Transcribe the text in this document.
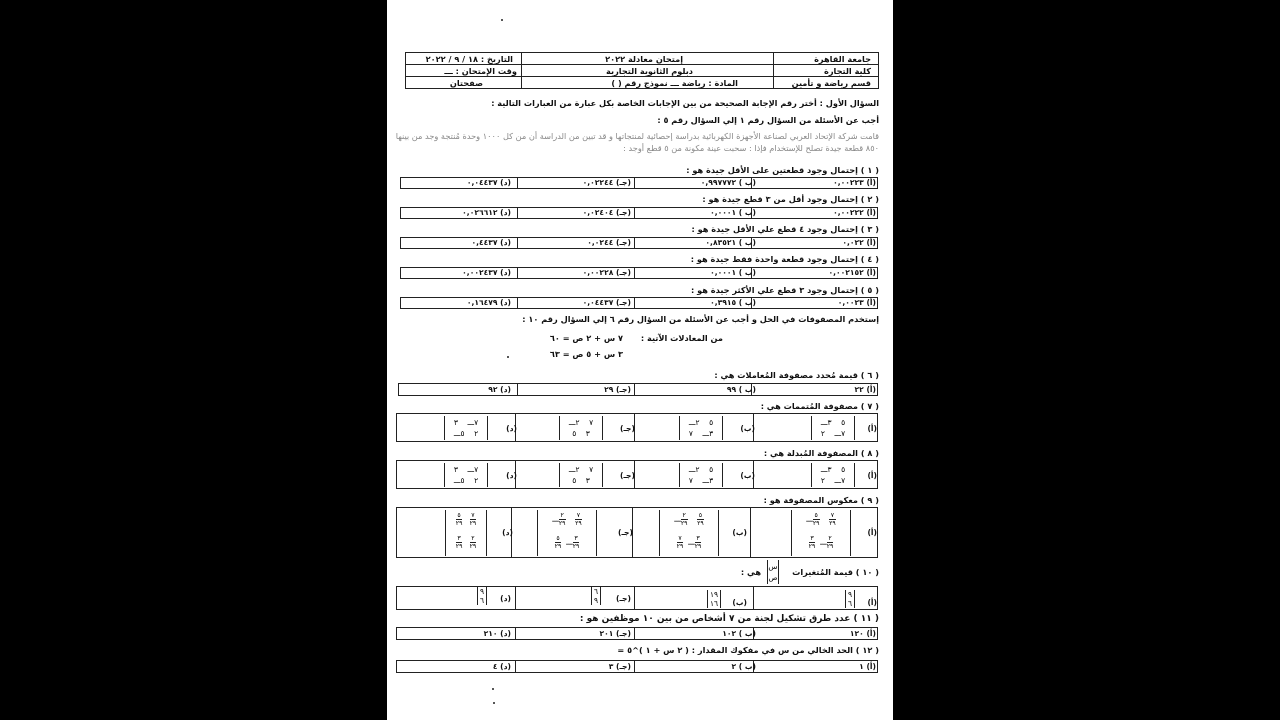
جامعة القاهرة
كلية التجارة
قسم رياضة و تأمين
إمتحان معادلة ٢٠٢٢
دبلوم الثانوية التجارية
المادة : رياضة ـــ نموذج رقم ( )
التاريخ : ١٨ / ٩ / ٢٠٢٢
وقت الإمتحان : ـــ
صفحتان
السؤال الأول : أختر رقم الإجابة الصحيحة من بين الإجابات الخاصة بكل عبارة من العبارات التالية :
أجب عن الأسئلة من السؤال رقم ١ إلي السؤال رقم ٥ :
قامت شركة الإتحاد العربي لصناعة الأجهزة الكهربائية بدراسة إحصائية لمنتجاتها و قد تبين من الدراسة أن من كل ١٠٠٠ وحدة مُنتجة وجد من بينها
٨٥٠ قطعة جيدة تصلح للإستخدام فإذا : سحبت عينة مكونة من ٥ قطع أوجد :
( ١ ) إحتمال وجود قطعتين على الأقل جيدة هو :
(أ) ٠,٠٠٢٢٣
(ب ) ٠,٩٩٧٧٧٢
(جـ) ٠,٠٢٢٤٤
(د) ٠,٠٤٤٣٧
( ٢ ) إحتمال وجود أقل من ٣ قطع جيدة هو :
(أ) ٠,٠٠٢٢٢
(ب ) ٠,٠٠٠١
(جـ) ٠,٠٢٤٠٤
(د) ٠,٠٢٦٦١٢
( ٣ ) إحتمال وجود ٤ قطع علي الأقل جيدة هو :
(أ) ٠,٠٢٢
(ب ) ٠,٨٣٥٢١
(جـ) ٠,٠٢٤٤
(د) ٠,٤٤٣٧
( ٤ ) إحتمال وجود قطعة واحدة فقط جيدة هو :
(أ) ٠,٠٠٢١٥٢
(ب ) ٠,٠٠٠١
(جـ) ٠,٠٠٢٢٨
(د) ٠,٠٠٢٤٣٧
( ٥ ) إحتمال وجود ٣ قطع علي الأكثر جيدة هو :
(أ) ٠,٠٠٢٣
(ب ) ٠,٣٩١٥
(جـ) ٠,٠٤٤٣٧
(د) ٠,١٦٤٧٩
إستخدم المصفوفات في الحل و أجب عن الأسئلة من السؤال رقم ٦ إلي السؤال رقم ١٠ :
من المعادلات الآتية :
٧ س + ٢ ص = ٦٠
٣ س + ٥ ص = ٦٣
( ٦ ) قيمة مُحدد مصفوفة المُعاملات هي :
(أ) ٢٢
(ب ) ٩٩
(جـ) ٢٩
(د) ٩٢
( ٧ ) مصفوفة المُتممات هي :
(أ)
(ب)
(جـ)
(د)
٥    ٣ـــ
٧ـــ    ٢
٥    ٢ـــ
٣ـــ    ٧
٧    ٢ـــ
٣    ٥
٧ـــ    ٣
٢    ٥ـــ
( ٨ ) المصفوفة المُبدلة هي :
(أ)
(ب)
(جـ)
(د)
٥    ٣ـــ
٧ـــ    ٢
٥    ٢ـــ
٣ـــ    ٧
٧    ٢ـــ
٣    ٥
٧ـــ    ٣
٢    ٥ـــ
( ٩ ) معكوس المصفوفة هو :
(أ)
(ب)
(جـ)
(د)
$\frac{٧}{٢٩}$

$\frac{٥}{٢٩}$
ـــ
$\frac{٢}{٢٩}$
ـــ
$\frac{٣}{٢٩}$
$\frac{٥}{٢٩}$

$\frac{٢}{٢٩}$
ـــ
$\frac{٣}{٢٩}$
ـــ
$\frac{٧}{٢٩}$
$\frac{٧}{٢٩}$

$\frac{٢}{٢٩}$
ـــ
$\frac{٣}{٢٩}$
ـــ
$\frac{٥}{٢٩}$
$\frac{٧}{٢٩}$

$\frac{٥}{٢٩}$
$\frac{٢}{٢٩}$

$\frac{٣}{٢٩}$
( ١٠ ) قيمة المُتغيرات
س
ص
هي :
(أ)
(ب)
(جـ)
(د)	٩
٦
١٩
١٦
٦
٩
٩
٦
( ١١ ) عدد طرق تشكيل لجنة من ٧ أشخاص من بين ١٠ موظفين هو :
(أ) ١٢٠
(ب ) ١٠٢
(جـ) ٢٠١
(د) ٢١٠
( ١٢ ) الحد الخالي من س في مفكوك المقدار : ( ٢ س + ١ )^٥ =
(أ) ١
(ب ) ٢
(جـ) ٣
(د) ٤
